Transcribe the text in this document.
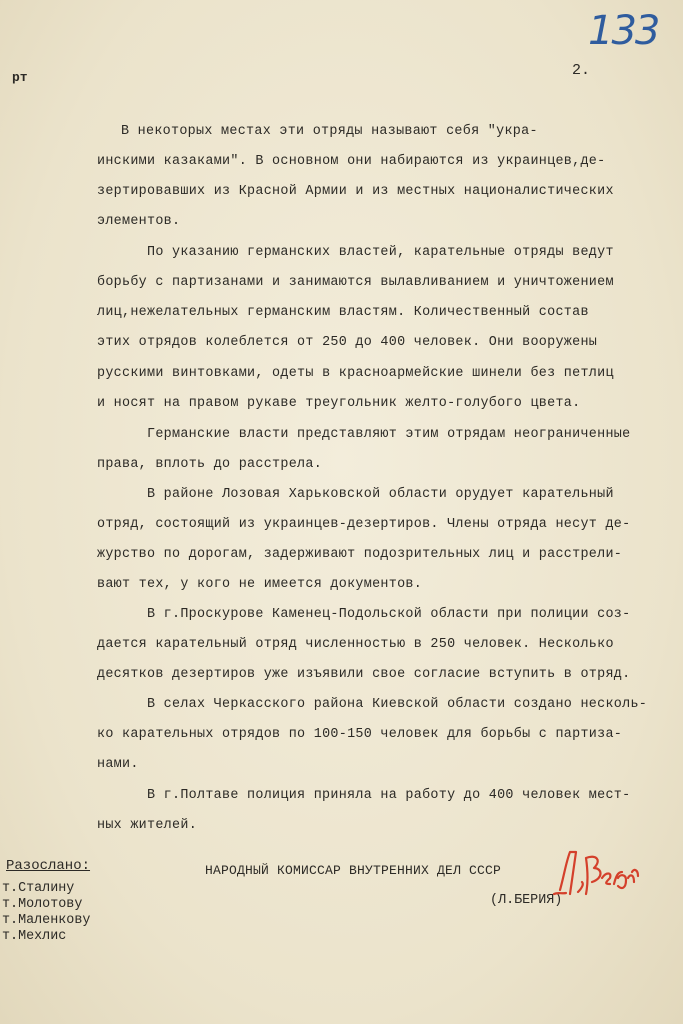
133
рт	2.
В некоторых местах эти отряды называют себя "укра-
инскими казаками". В основном они набираются из украинцев,де-
зертировавших из Красной Армии и из местных националистических
элементов.
По указанию германских властей, карательные отряды ведут
борьбу с партизанами и занимаются вылавливанием и уничтожением
лиц,нежелательных германским властям. Количественный состав
этих отрядов колеблется от 250 до 400 человек. Они вооружены
русскими винтовками, одеты в красноармейские шинели без петлиц
и носят на правом рукаве треугольник желто-голубого цвета.
Германские власти представляют этим отрядам неограниченные
права, вплоть до расстрела.
В районе Лозовая Харьковской области орудует карательный
отряд, состоящий из украинцев-дезертиров. Члены отряда несут де-
журство по дорогам, задерживают подозрительных лиц и расстрели-
вают тех, у кого не имеется документов.
В г.Проскурове Каменец-Подольской области при полиции соз-
дается карательный отряд численностью в 250 человек. Несколько
десятков дезертиров уже изъявили свое согласие вступить в отряд.
В селах Черкасского района Киевской области создано несколь-
ко карательных отрядов по 100-150 человек для борьбы с партиза-
нами.
В г.Полтаве полиция приняла на работу до 400 человек мест-
ных жителей.
Разослано:
т.Сталину
т.Молотову
т.Маленкову
т.Мехлис
НАРОДНЫЙ КОМИССАР ВНУТРЕННИХ ДЕЛ СССР
(Л.БЕРИЯ)
